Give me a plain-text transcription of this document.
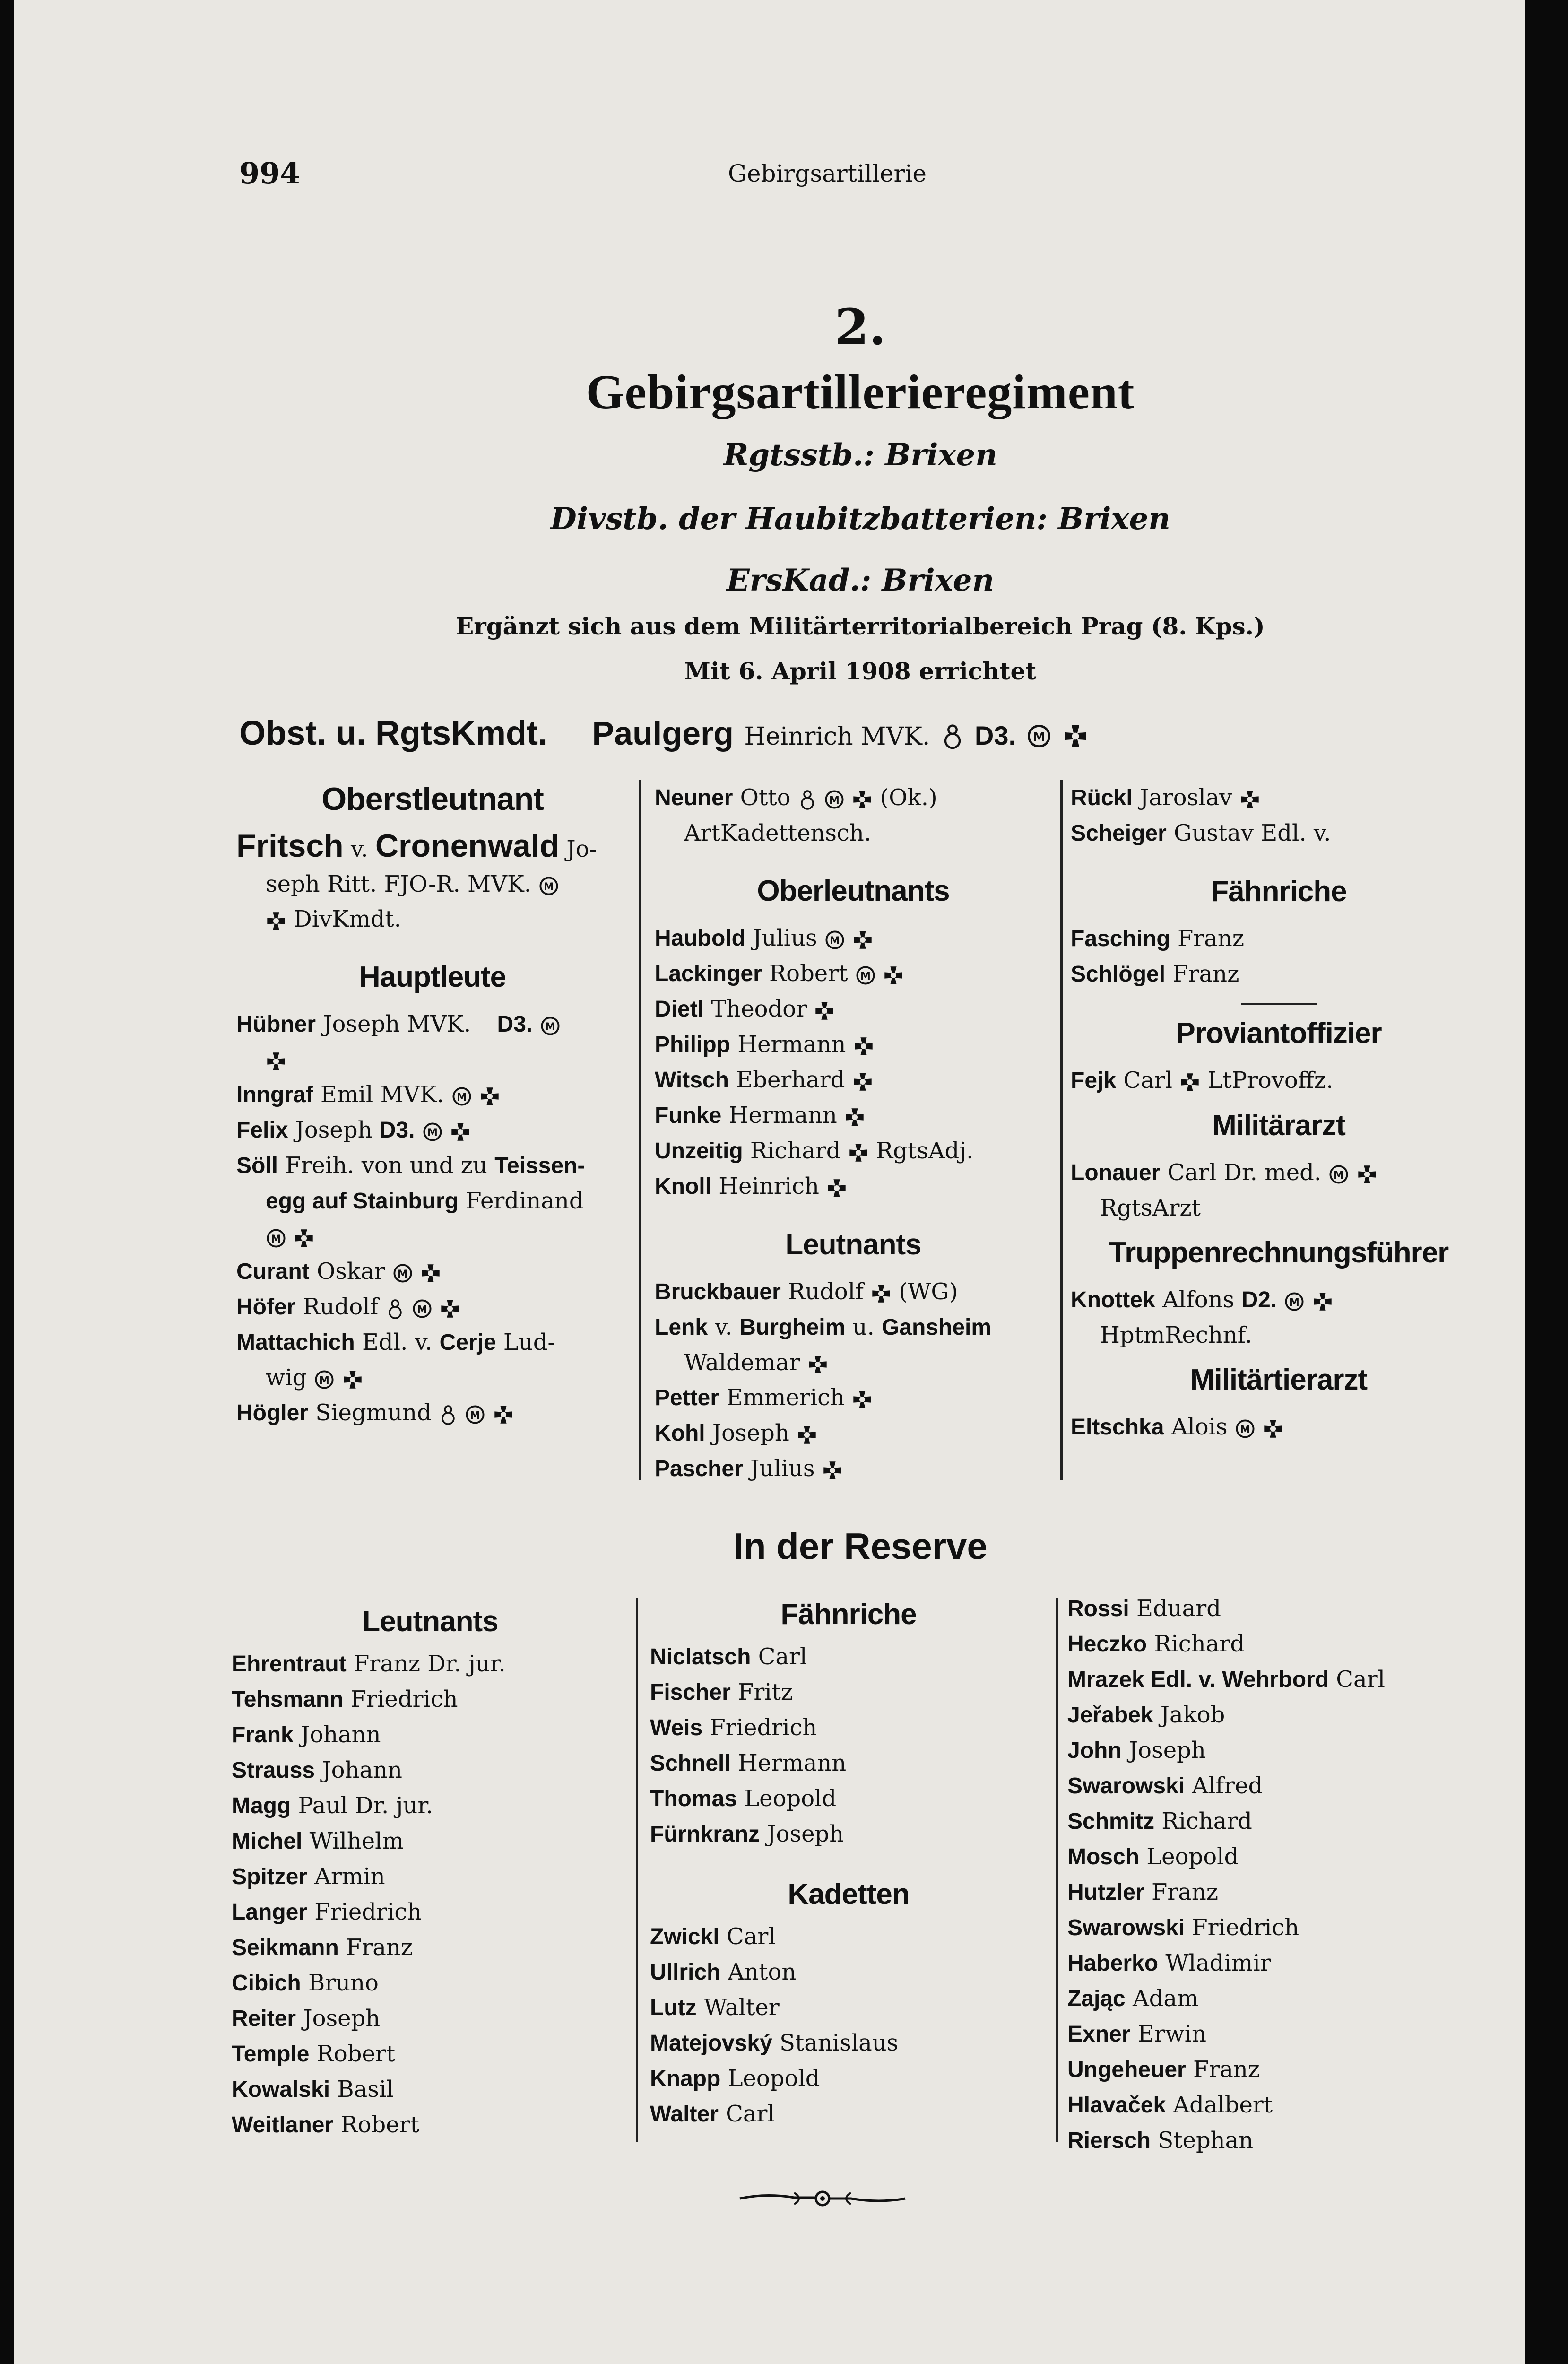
994	Gebirgsartillerie
2.
Gebirgsartillerieregiment
Rgtsstb.: Brixen
Divstb. der Haubitzbatterien: Brixen
ErsKad.: Brixen
Ergänzt sich aus dem Militärterritorialbereich Prag (8. Kps.)
Mit 6. April 1908 errichtet
Obst. u. RgtsKmdt. Paulgerg Heinrich MVK. D3.
Oberstleutnant
Fritsch v. Cronenwald Jo-
seph Ritt. FJO-R. MVK.
DivKmdt.
Hauptleute
Hübner Joseph MVK. D3.
Inngraf Emil MVK.
Felix Joseph D3.
Söll Freih. von und zu Teissen-
egg auf Stainburg Ferdinand

Curant Oskar
Höfer Rudolf
Mattachich Edl. v. Cerje Lud-
wig
Högler Siegmund
Neuner Otto	(Ok.)
ArtKadettensch.
Oberleutnants
Haubold Julius
Lackinger Robert
Dietl Theodor
Philipp Hermann
Witsch Eberhard
Funke Hermann
Unzeitig Richard RgtsAdj.
Knoll Heinrich
Leutnants
Bruckbauer Rudolf (WG)
Lenk v. Burgheim u. Gansheim
Waldemar
Petter Emmerich
Kohl Joseph
Pascher Julius
Rückl Jaroslav
Scheiger Gustav Edl. v.
Fähnriche
Fasching Franz
Schlögel Franz
Proviantoffizier
Fejk Carl LtProvoffz.
Militärarzt
Lonauer Carl Dr. med.
RgtsArzt
Truppenrechnungsführer
Knottek Alfons D2.
HptmRechnf.
Militärtierarzt
Eltschka Alois
In der Reserve
Leutnants
Ehrentraut Franz Dr. jur.
Tehsmann Friedrich
Frank Johann
Strauss Johann
Magg Paul Dr. jur.
Michel Wilhelm
Spitzer Armin
Langer Friedrich
Seikmann Franz
Cibich Bruno
Reiter Joseph
Temple Robert
Kowalski Basil
Weitlaner Robert
Fähnriche
Niclatsch Carl
Fischer Fritz
Weis Friedrich
Schnell Hermann
Thomas Leopold
Fürnkranz Joseph
Kadetten
Zwickl Carl
Ullrich Anton
Lutz Walter
Matejovský Stanislaus
Knapp Leopold
Walter Carl
Rossi Eduard
Heczko Richard
Mrazek Edl. v. Wehrbord Carl
Jeřabek Jakob
John Joseph
Swarowski Alfred
Schmitz Richard
Mosch Leopold
Hutzler Franz
Swarowski Friedrich
Haberko Wladimir
Zając Adam
Exner Erwin
Ungeheuer Franz
Hlavaček Adalbert
Riersch Stephan
